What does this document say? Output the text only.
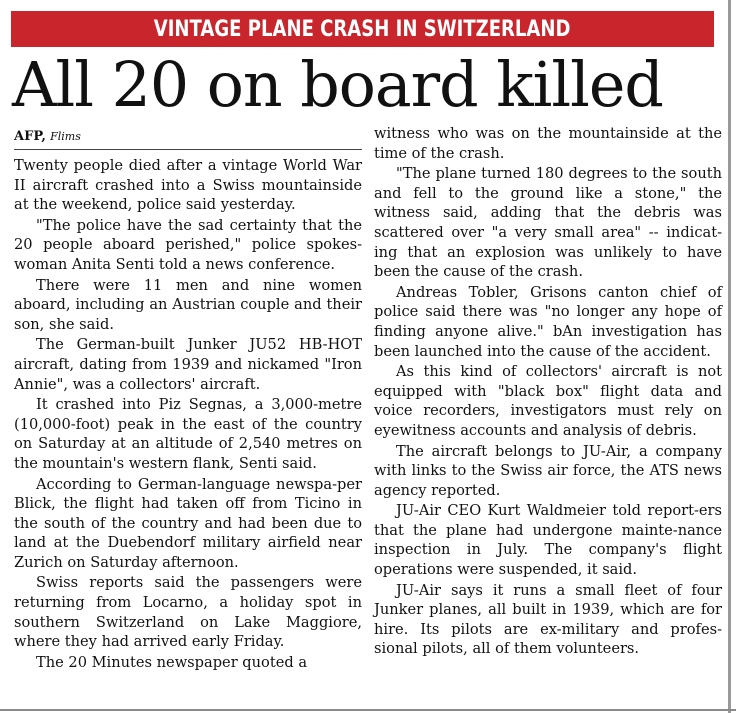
VINTAGE PLANE CRASH IN SWITZERLAND
All 20 on board killed
AFP, Flims

Twenty people died after a vintage World War II aircraft crashed into a Swiss mountainside at the weekend, police said yesterday.

"The police have the sad certainty that the 20 people aboard perished," police spokes-woman Anita Senti told a news conference.

There were 11 men and nine women aboard, including an Austrian couple and their son, she said.

The German-built Junker JU52 HB-HOT aircraft, dating from 1939 and nickamed "Iron Annie", was a collectors' aircraft.

It crashed into Piz Segnas, a 3,000-metre (10,000-foot) peak in the east of the country on Saturday at an altitude of 2,540 metres on the mountain's western flank, Senti said.

According to German-language newspa-per Blick, the flight had taken off from Ticino in the south of the country and had been due to land at the Duebendorf military airfield near Zurich on Saturday afternoon.

Swiss reports said the passengers were returning from Locarno, a holiday spot in southern Switzerland on Lake Maggiore, where they had arrived early Friday.

The 20 Minutes newspaper quoted a

witness who was on the mountainside at the time of the crash.

"The plane turned 180 degrees to the south and fell to the ground like a stone," the witness said, adding that the debris was scattered over "a very small area" -- indicat-ing that an explosion was unlikely to have been the cause of the crash.

Andreas Tobler, Grisons canton chief of police said there was "no longer any hope of finding anyone alive." bAn investigation has been launched into the cause of the accident.

As this kind of collectors' aircraft is not equipped with "black box" flight data and voice recorders, investigators must rely on eyewitness accounts and analysis of debris.

The aircraft belongs to JU-Air, a company with links to the Swiss air force, the ATS news agency reported.

JU-Air CEO Kurt Waldmeier told report-ers that the plane had undergone mainte-nance inspection in July. The company's flight operations were suspended, it said.

JU-Air says it runs a small fleet of four Junker planes, all built in 1939, which are for hire. Its pilots are ex-military and profes-sional pilots, all of them volunteers.
